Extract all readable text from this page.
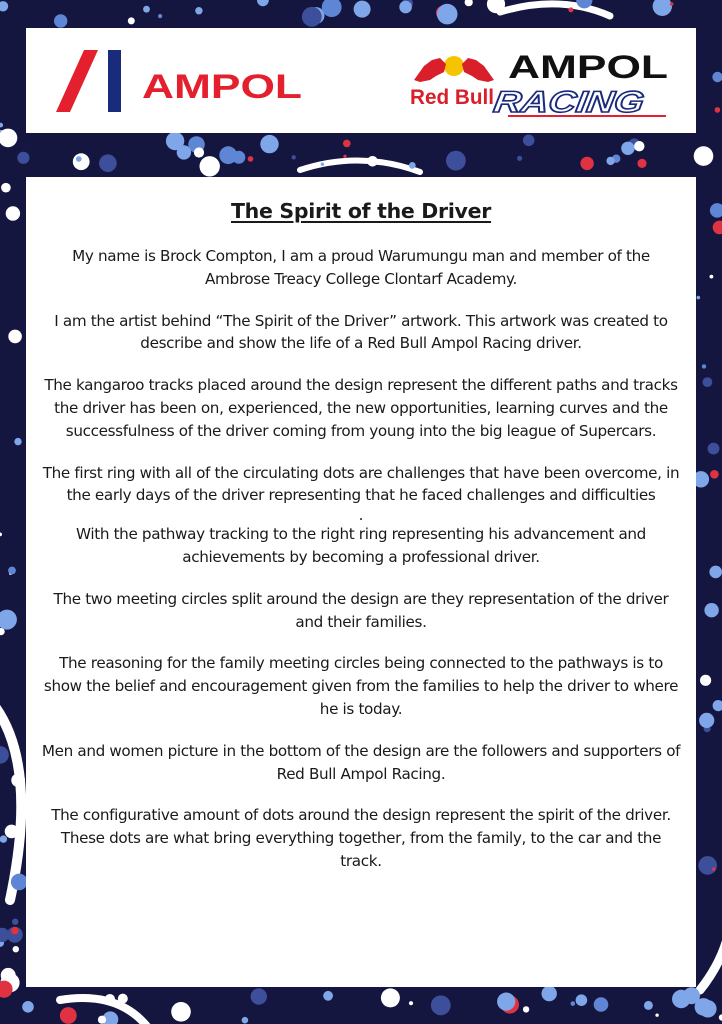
AMPOL	Red Bull
AMPOL
RACING
The Spirit of the Driver

My name is Brock Compton, I am a proud Warumungu man and member of the Ambrose Treacy College Clontarf Academy.

I am the artist behind “The Spirit of the Driver” artwork. This artwork was created to describe and show the life of a Red Bull Ampol Racing driver.

The kangaroo tracks placed around the design represent the different paths and tracks the driver has been on, experienced, the new opportunities, learning curves and the successfulness of the driver coming from young into the big league of Supercars.

The first ring with all of the circulating dots are challenges that have been overcome, in the early days of the driver representing that he faced challenges and difficulties

.

With the pathway tracking to the right ring representing his advancement and achievements by becoming a professional driver.

The two meeting circles split around the design are they representation of the driver and their families.

The reasoning for the family meeting circles being connected to the pathways is to show the belief and encouragement given from the families to help the driver to where he is today.

Men and women picture in the bottom of the design are the followers and supporters of Red Bull Ampol Racing.

The configurative amount of dots around the design represent the spirit of the driver. These dots are what bring everything together, from the family, to the car and the track.
